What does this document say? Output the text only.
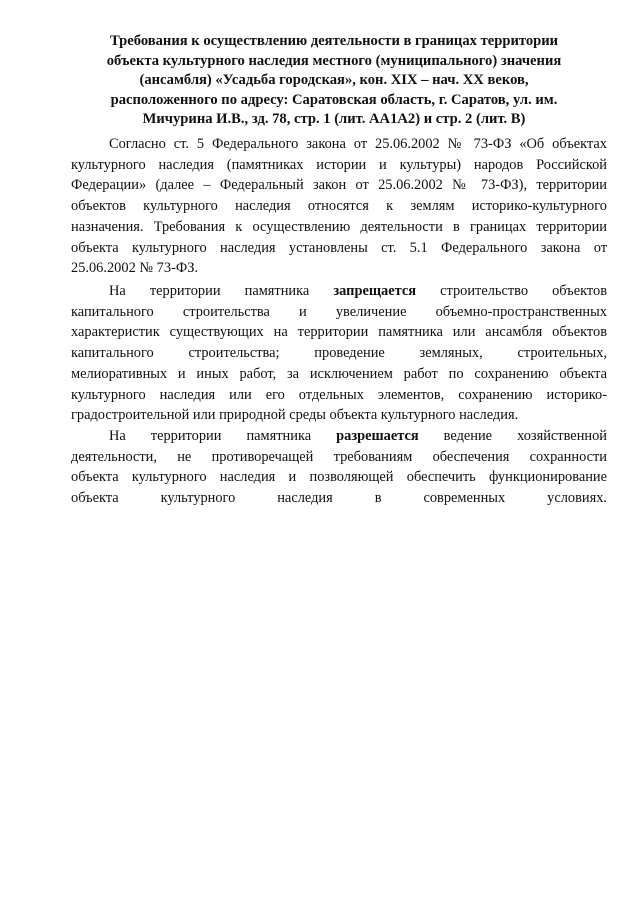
Требования к осуществлению деятельности в границах территории
объекта культурного наследия местного (муниципального) значения
(ансамбля) «Усадьба городская», кон. XIX – нач. XX веков,
расположенного по адресу: Саратовская область, г. Саратов, ул. им.
Мичурина И.В., зд. 78, стр. 1 (лит. АА1А2) и стр. 2 (лит. В)

Согласно ст. 5 Федерального закона от 25.06.2002 № 73-ФЗ «Об объектах
культурного наследия (памятниках истории и культуры) народов Российской
Федерации» (далее – Федеральный закон от 25.06.2002 № 73-ФЗ), территории
объектов культурного наследия относятся к землям историко-культурного
назначения. Требования к осуществлению деятельности в границах территории
объекта культурного наследия установлены ст. 5.1 Федерального закона от
25.06.2002 № 73-ФЗ.

На территории памятника запрещается строительство объектов
капитального строительства и увеличение объемно-пространственных
характеристик существующих на территории памятника или ансамбля объектов
капитального строительства; проведение земляных, строительных,
мелиоративных и иных работ, за исключением работ по сохранению объекта
культурного наследия или его отдельных элементов, сохранению историко-
градостроительной или природной среды объекта культурного наследия.

На территории памятника разрешается ведение хозяйственной
деятельности, не противоречащей требованиям обеспечения сохранности
объекта культурного наследия и позволяющей обеспечить функционирование
объекта культурного наследия в современных условиях.
